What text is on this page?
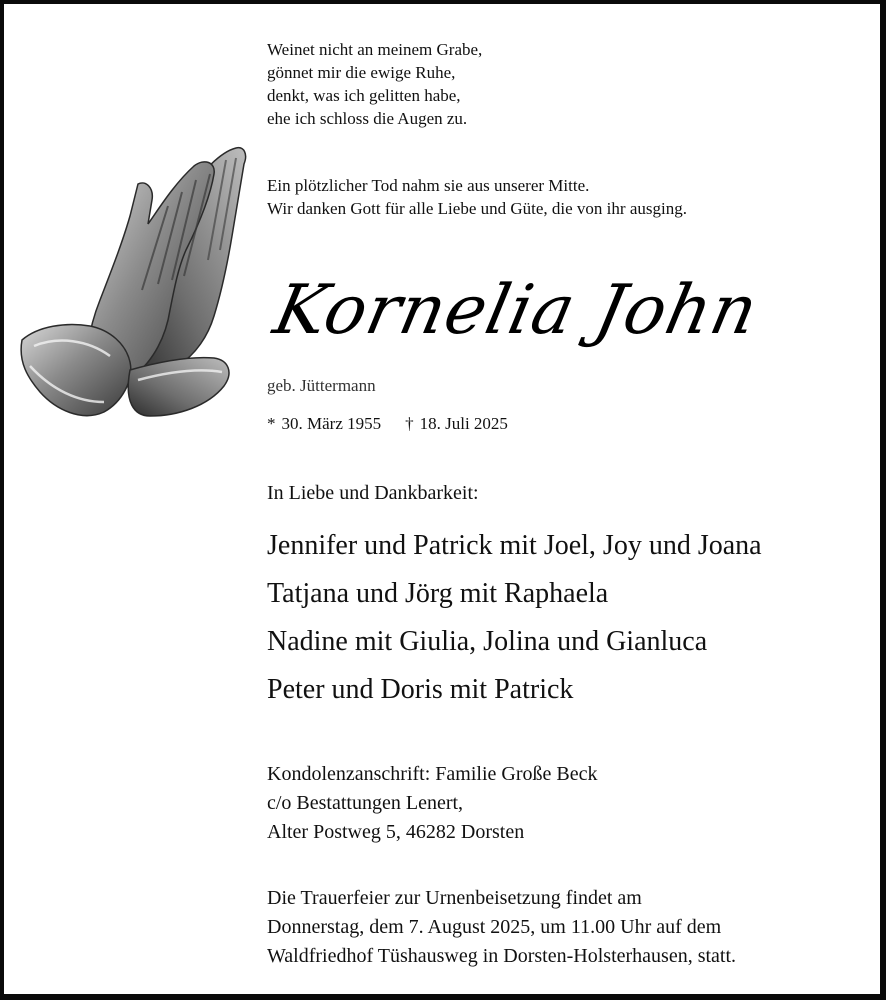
Weinet nicht an meinem Grabe,
gönnet mir die ewige Ruhe,
denkt, was ich gelitten habe,
ehe ich schloss die Augen zu.
Ein plötzlicher Tod nahm sie aus unserer Mitte.
Wir danken Gott für alle Liebe und Güte, die von ihr ausging.
Kornelia John
geb. Jüttermann
* 30. März 1955 † 18. Juli 2025
In Liebe und Dankbarkeit:
Jennifer und Patrick mit Joel, Joy und Joana
Tatjana und Jörg mit Raphaela
Nadine mit Giulia, Jolina und Gianluca
Peter und Doris mit Patrick
Kondolenzanschrift: Familie Große Beck
c/o Bestattungen Lenert,
Alter Postweg 5, 46282 Dorsten
Die Trauerfeier zur Urnenbeisetzung findet am
Donnerstag, dem 7. August 2025, um 11.00 Uhr auf dem
Waldfriedhof Tüshausweg in Dorsten-Holsterhausen, statt.
